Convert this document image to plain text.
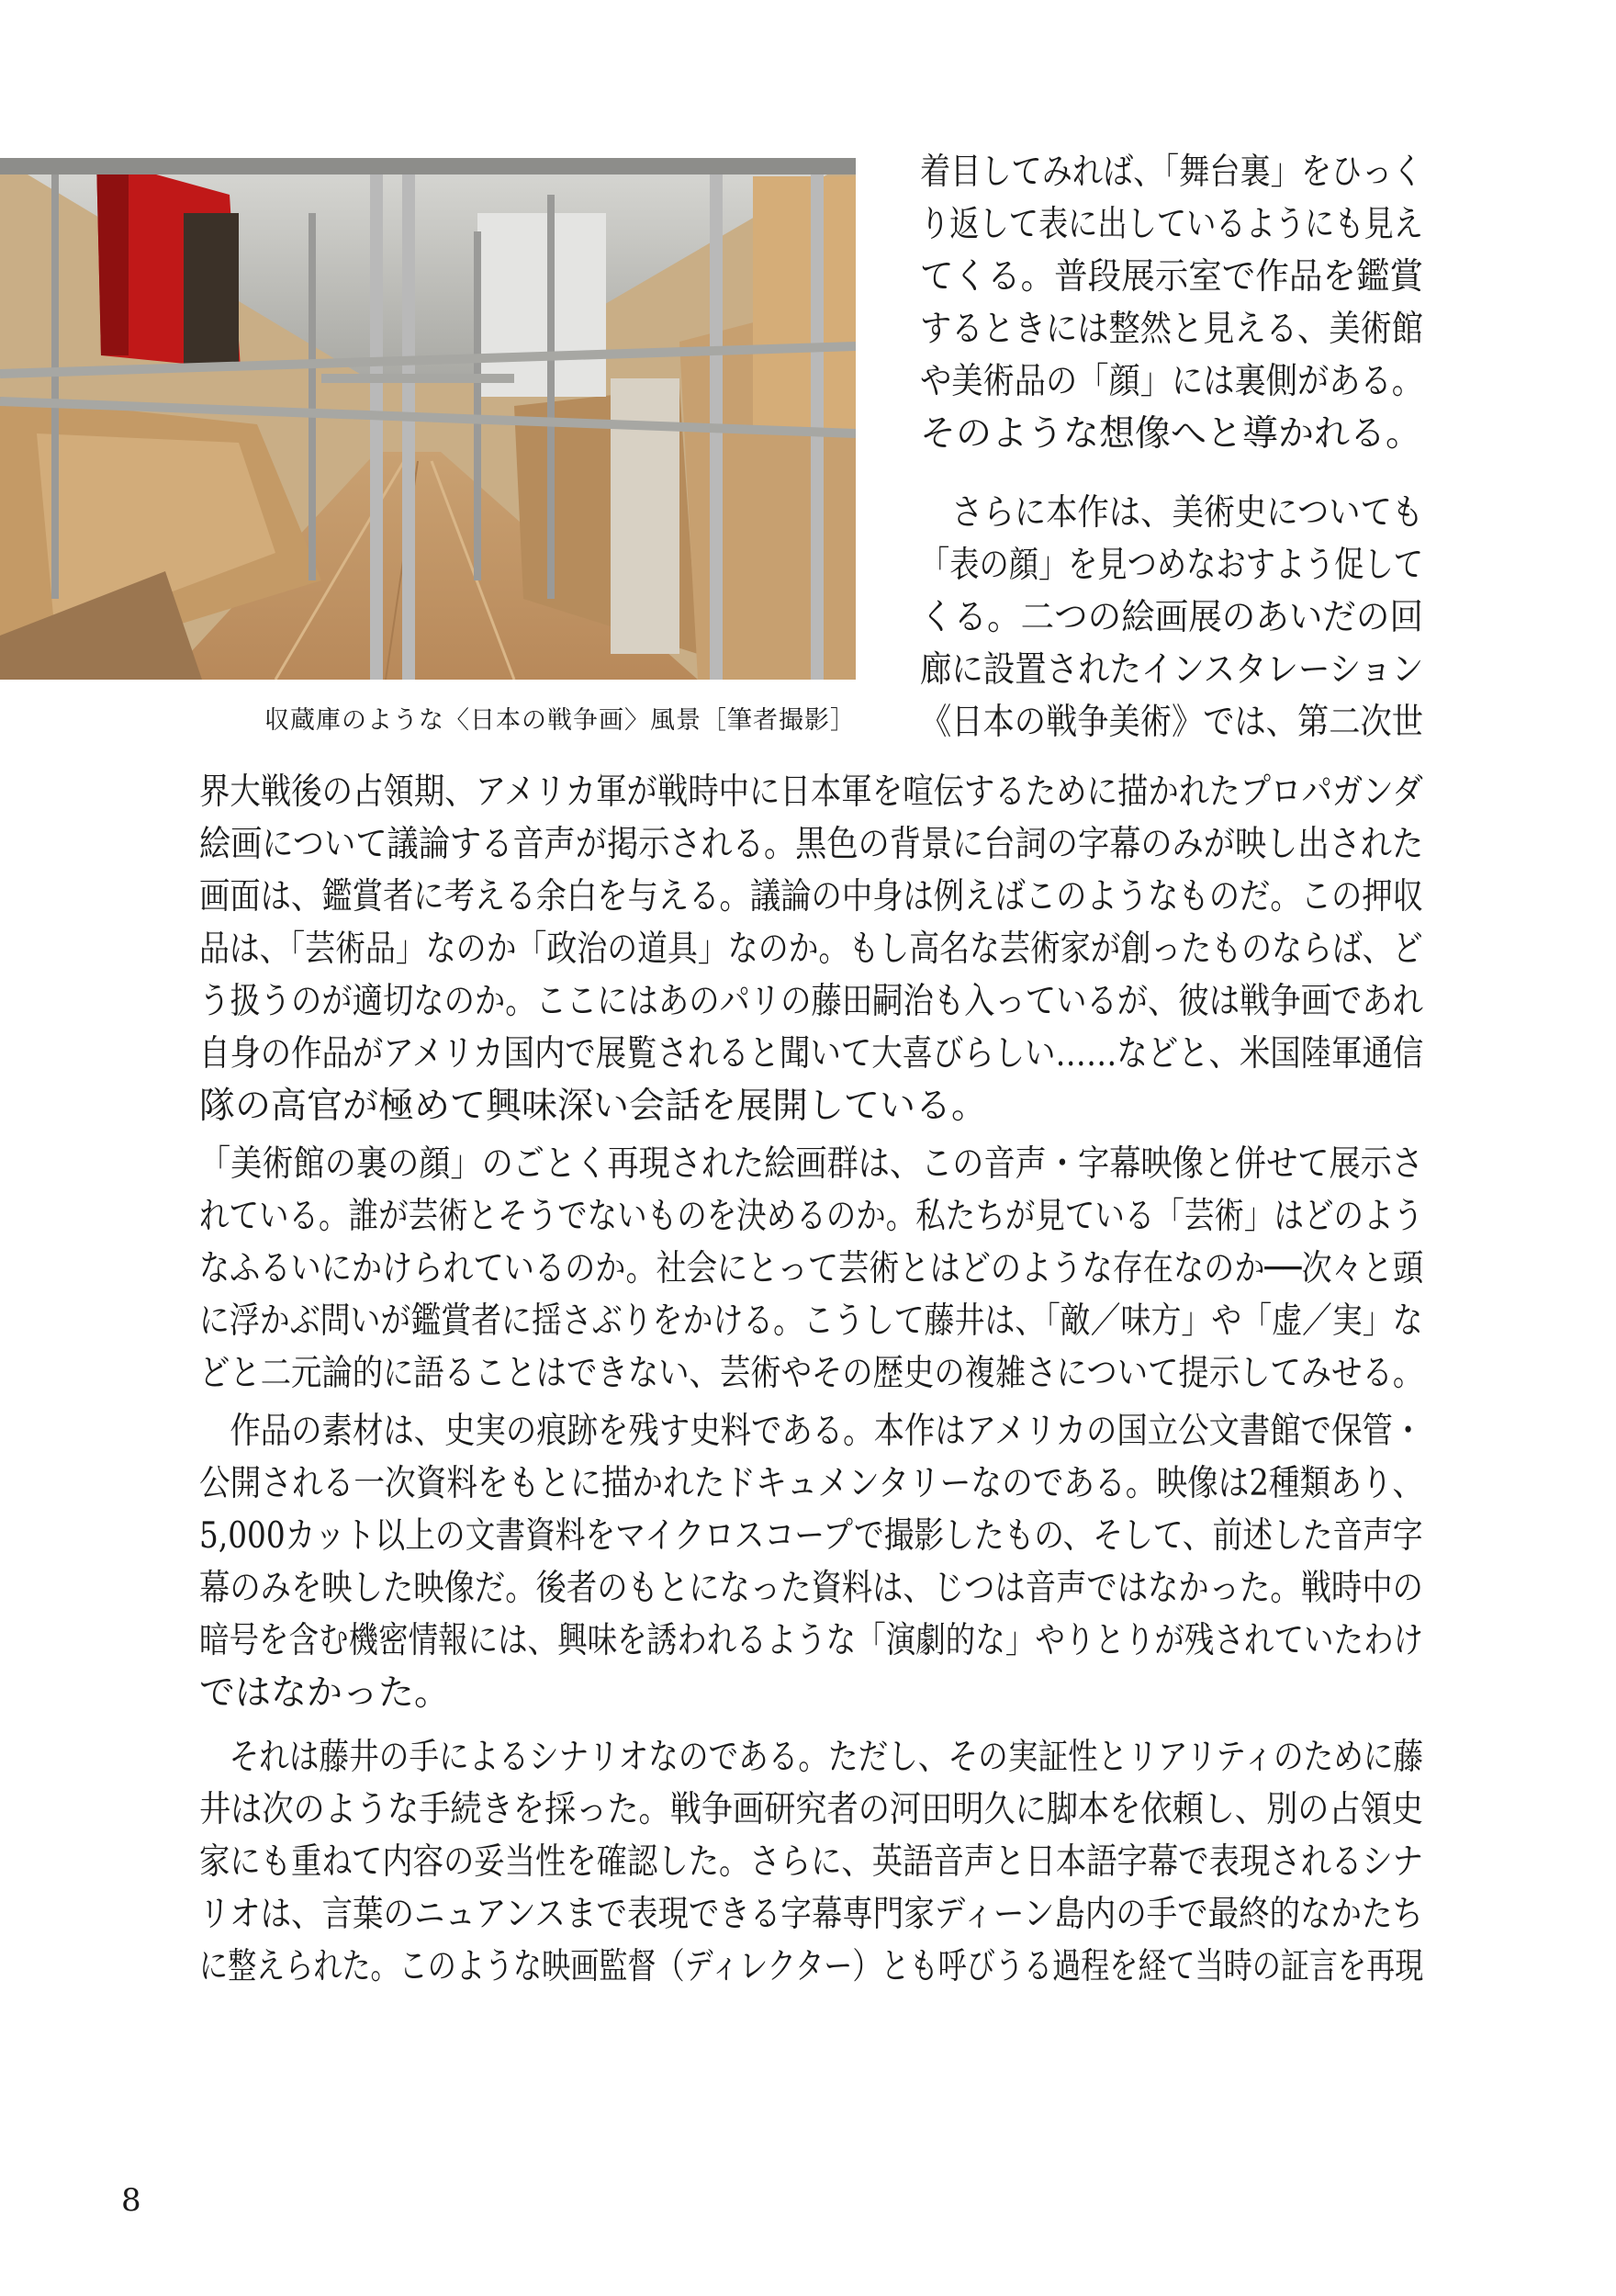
収蔵庫のような〈日本の戦争画〉風景［筆者撮影］

着目してみれば、「舞台裏」をひっく

り返して表に出しているようにも見え

てくる。普段展示室で作品を鑑賞

するときには整然と見える、美術館

や美術品の「顔」には裏側がある。

そのような想像へと導かれる。

　さらに本作は、美術史についても

「表の顔」を見つめなおすよう促して

くる。二つの絵画展のあいだの回

廊に設置されたインスタレーション

《日本の戦争美術》では、第二次世

界大戦後の占領期、アメリカ軍が戦時中に日本軍を喧伝するために描かれたプロパガンダ

絵画について議論する音声が掲示される。黒色の背景に台詞の字幕のみが映し出された

画面は、鑑賞者に考える余白を与える。議論の中身は例えばこのようなものだ。この押収

品は、「芸術品」なのか「政治の道具」なのか。もし高名な芸術家が創ったものならば、ど

う扱うのが適切なのか。ここにはあのパリの藤田嗣治も入っているが、彼は戦争画であれ

自身の作品がアメリカ国内で展覧されると聞いて大喜びらしい……などと、米国陸軍通信

隊の高官が極めて興味深い会話を展開している。

「美術館の裏の顔」のごとく再現された絵画群は、この音声・字幕映像と併せて展示さ

れている。誰が芸術とそうでないものを決めるのか。私たちが見ている「芸術」はどのよう

なふるいにかけられているのか。社会にとって芸術とはどのような存在なのか──次々と頭

に浮かぶ問いが鑑賞者に揺さぶりをかける。こうして藤井は、「敵／味方」や「虚／実」な

どと二元論的に語ることはできない、芸術やその歴史の複雑さについて提示してみせる。

　作品の素材は、史実の痕跡を残す史料である。本作はアメリカの国立公文書館で保管・

公開される一次資料をもとに描かれたドキュメンタリーなのである。映像は2種類あり、

5,000カット以上の文書資料をマイクロスコープで撮影したもの、そして、前述した音声字

幕のみを映した映像だ。後者のもとになった資料は、じつは音声ではなかった。戦時中の

暗号を含む機密情報には、興味を誘われるような「演劇的な」やりとりが残されていたわけ

ではなかった。

　それは藤井の手によるシナリオなのである。ただし、その実証性とリアリティのために藤

井は次のような手続きを採った。戦争画研究者の河田明久に脚本を依頼し、別の占領史

家にも重ねて内容の妥当性を確認した。さらに、英語音声と日本語字幕で表現されるシナ

リオは、言葉のニュアンスまで表現できる字幕専門家ディーン島内の手で最終的なかたち

に整えられた。このような映画監督（ディレクター）とも呼びうる過程を経て当時の証言を再現

8
